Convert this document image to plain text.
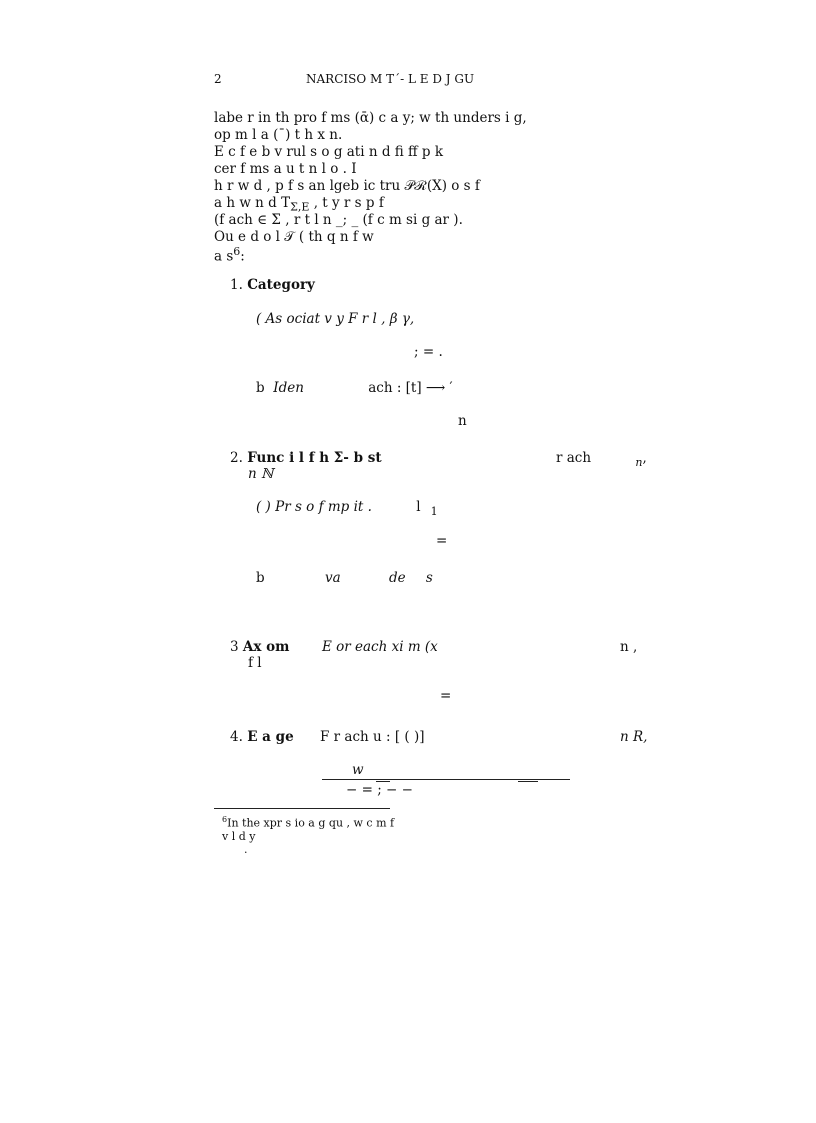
2	NARCISO M T´- L E D J GU
labe r in th pro f ms (ᾱ) c a y; w th unders i g,
op m l a (¯) t h x n.
E c f e b v rul s o g ati n d fi ff p k
cer f ms a u t n l o . I
h r w d , p f s an lgeb ic tru 𝒫ℛ(X) o s f
a h w n d $T_{\Sigma,E}$ , t y r s p f
(f ach ∈ Σ , r t l n _; _ (f c m si g ar ).
Ou e d o l 𝒯 ( th q n f w
a $s^6$:
1. Category
( As ociat v y F r l , β γ,
; = .
b Iden	ach : [t] ⟶ ′
n
2. Func i l f h Σ- b st	r ach	$_n$,
n ℕ
( ) Pr s o f mp it .	l $_1$
=
b	va	de s
3 Ax om E or each xi m (x	n ,
f l
=
4. E a ge F r ach u : [ ( )]	n R,
w
− = ; − −
$^6$In the xpr s io a g qu , w c m f
v l d y
.
